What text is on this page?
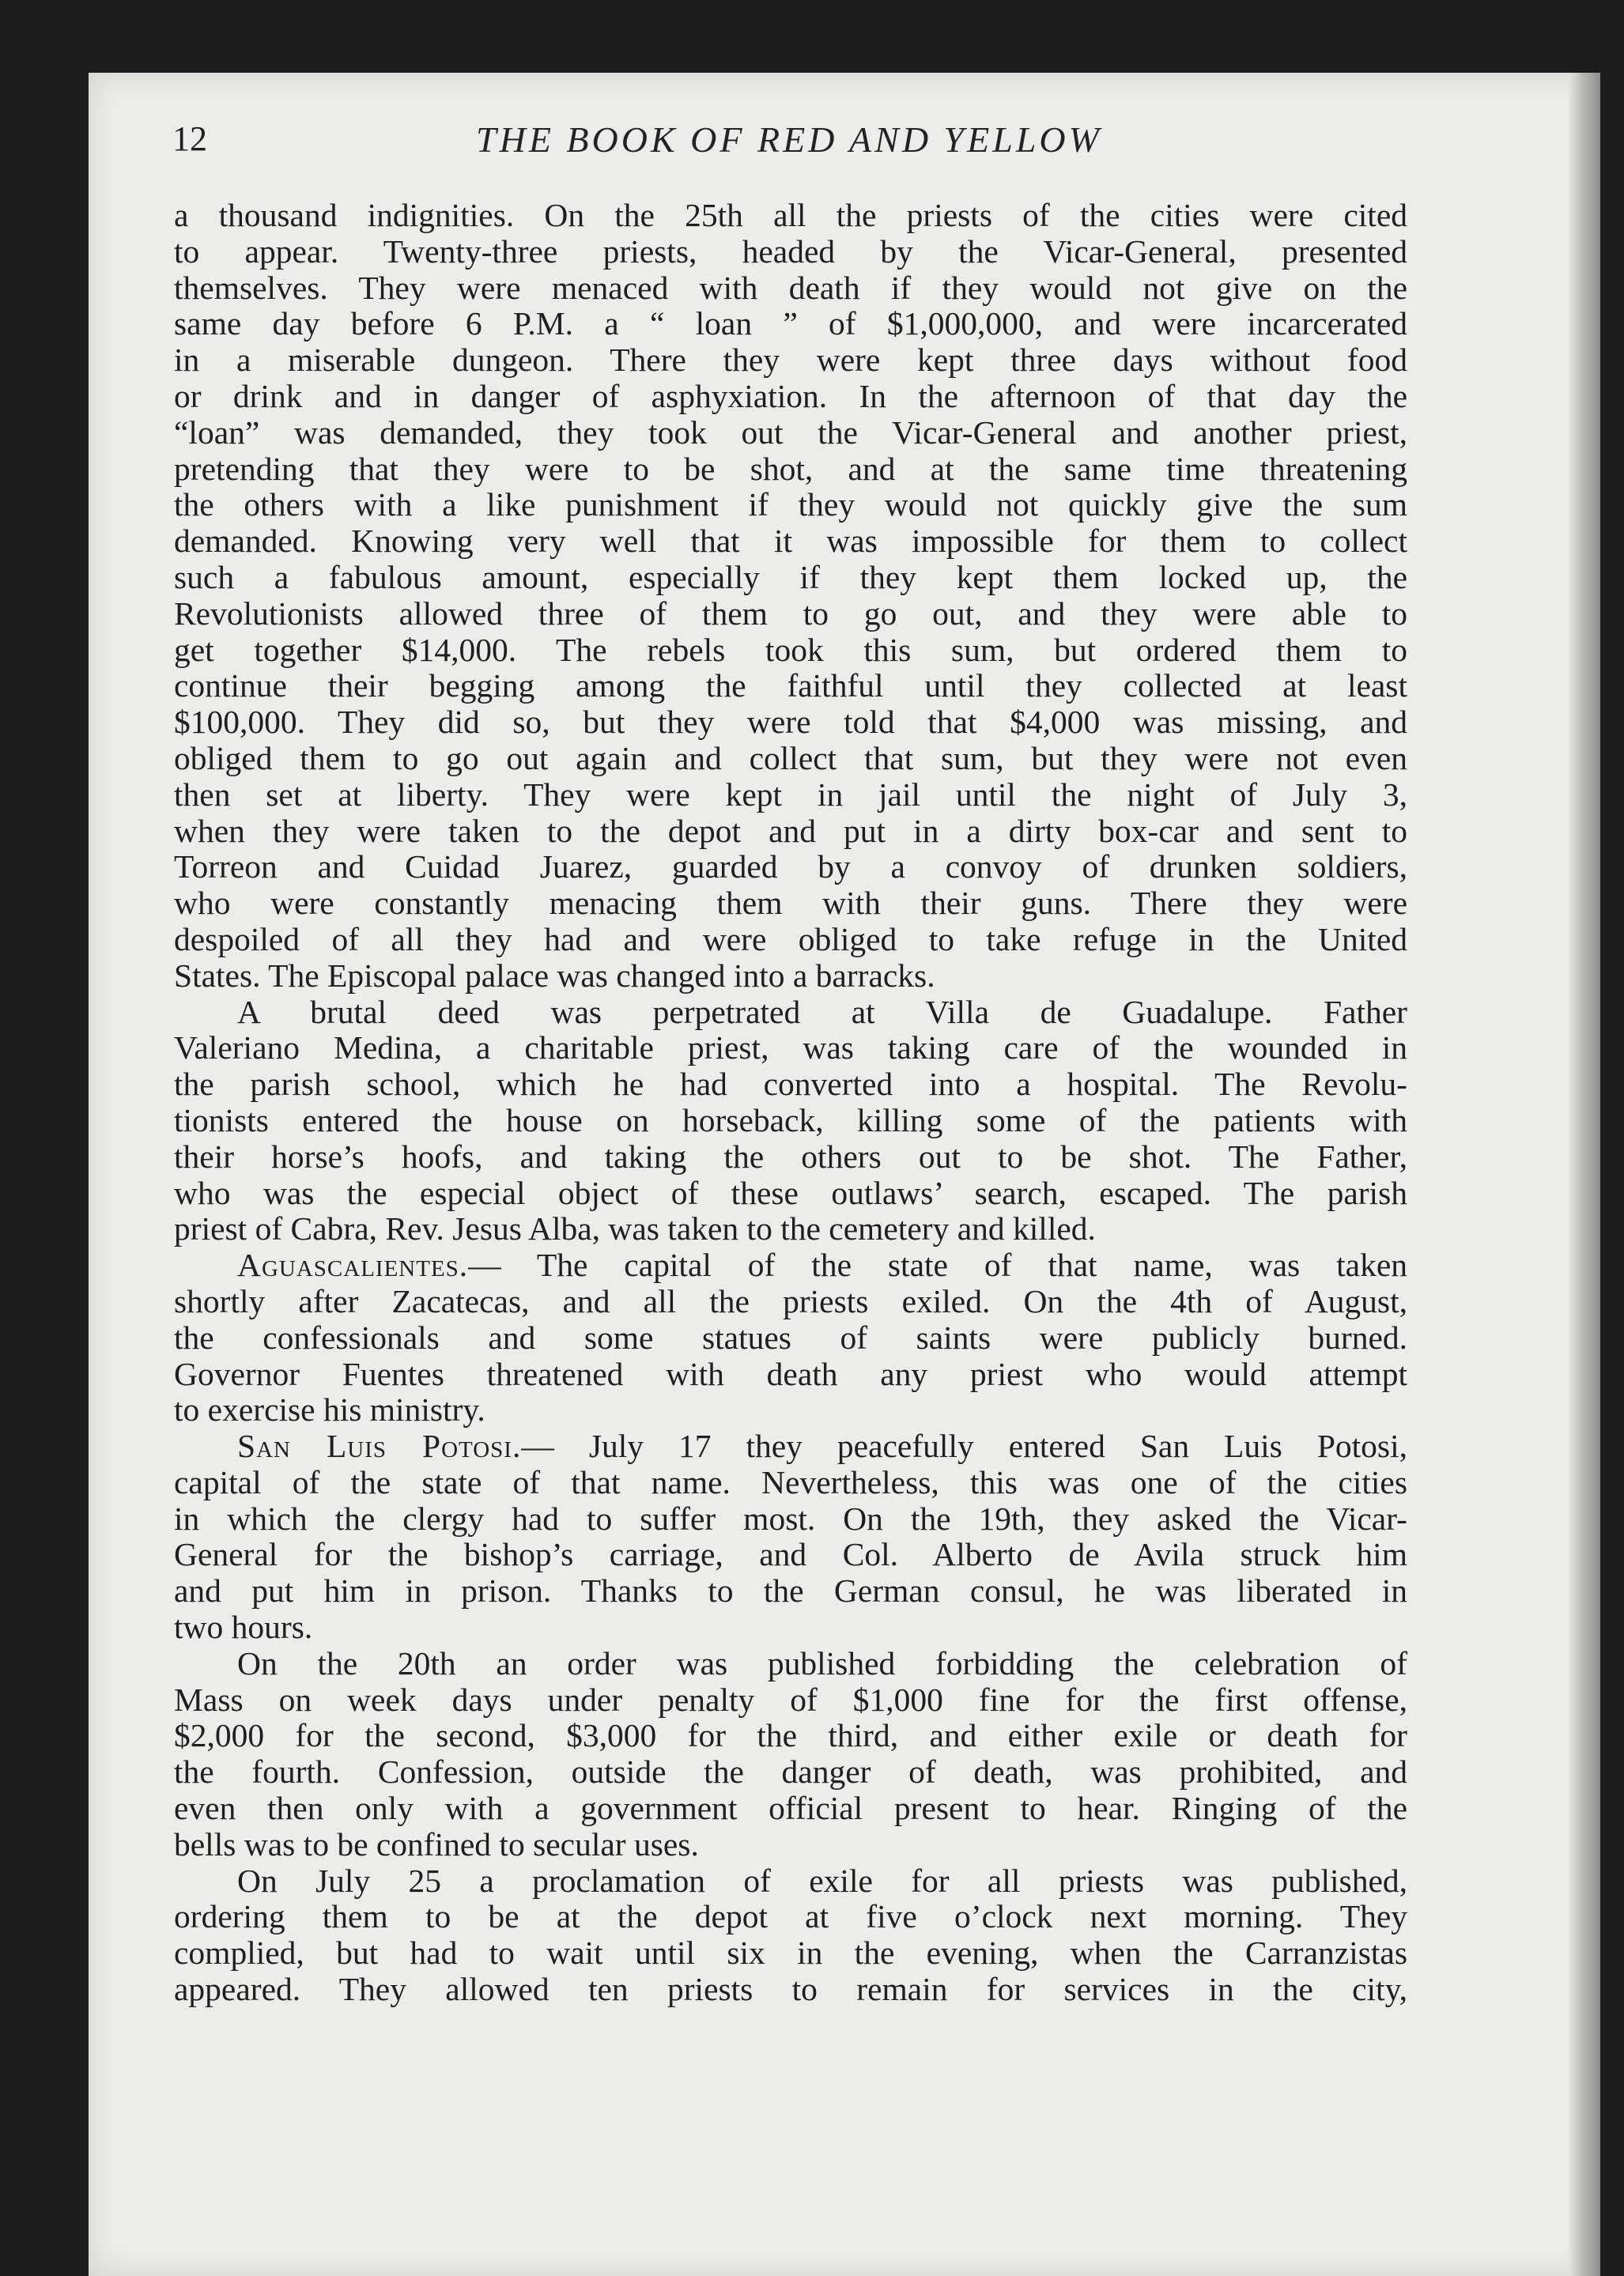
12	THE BOOK OF RED AND YELLOW

a thousand indignities. On the 25th all the priests of the cities were cited

to appear. Twenty-three priests, headed by the Vicar-General, presented

themselves. They were menaced with death if they would not give on the

same day before 6 P.M. a “ loan ” of $1,000,000, and were incarcerated

in a miserable dungeon. There they were kept three days without food

or drink and in danger of asphyxiation. In the afternoon of that day the

“loan” was demanded, they took out the Vicar-General and another priest,

pretending that they were to be shot, and at the same time threatening

the others with a like punishment if they would not quickly give the sum

demanded. Knowing very well that it was impossible for them to collect

such a fabulous amount, especially if they kept them locked up, the

Revolutionists allowed three of them to go out, and they were able to

get together $14,000. The rebels took this sum, but ordered them to

continue their begging among the faithful until they collected at least

$100,000. They did so, but they were told that $4,000 was missing, and

obliged them to go out again and collect that sum, but they were not even

then set at liberty. They were kept in jail until the night of July 3,

when they were taken to the depot and put in a dirty box-car and sent to

Torreon and Cuidad Juarez, guarded by a convoy of drunken soldiers,

who were constantly menacing them with their guns. There they were

despoiled of all they had and were obliged to take refuge in the United

States. The Episcopal palace was changed into a barracks.

A brutal deed was perpetrated at Villa de Guadalupe. Father

Valeriano Medina, a charitable priest, was taking care of the wounded in

the parish school, which he had converted into a hospital. The Revolu-

tionists entered the house on horseback, killing some of the patients with

their horse’s hoofs, and taking the others out to be shot. The Father,

who was the especial object of these outlaws’ search, escaped. The parish

priest of Cabra, Rev. Jesus Alba, was taken to the cemetery and killed.

Aguascalientes.— The capital of the state of that name, was taken

shortly after Zacatecas, and all the priests exiled. On the 4th of August,

the confessionals and some statues of saints were publicly burned.

Governor Fuentes threatened with death any priest who would attempt

to exercise his ministry.

San Luis Potosi.— July 17 they peacefully entered San Luis Potosi,

capital of the state of that name. Nevertheless, this was one of the cities

in which the clergy had to suffer most. On the 19th, they asked the Vicar-

General for the bishop’s carriage, and Col. Alberto de Avila struck him

and put him in prison. Thanks to the German consul, he was liberated in

two hours.

On the 20th an order was published forbidding the celebration of

Mass on week days under penalty of $1,000 fine for the first offense,

$2,000 for the second, $3,000 for the third, and either exile or death for

the fourth. Confession, outside the danger of death, was prohibited, and

even then only with a government official present to hear. Ringing of the

bells was to be confined to secular uses.

On July 25 a proclamation of exile for all priests was published,

ordering them to be at the depot at five o’clock next morning. They

complied, but had to wait until six in the evening, when the Carranzistas

appeared. They allowed ten priests to remain for services in the city,
